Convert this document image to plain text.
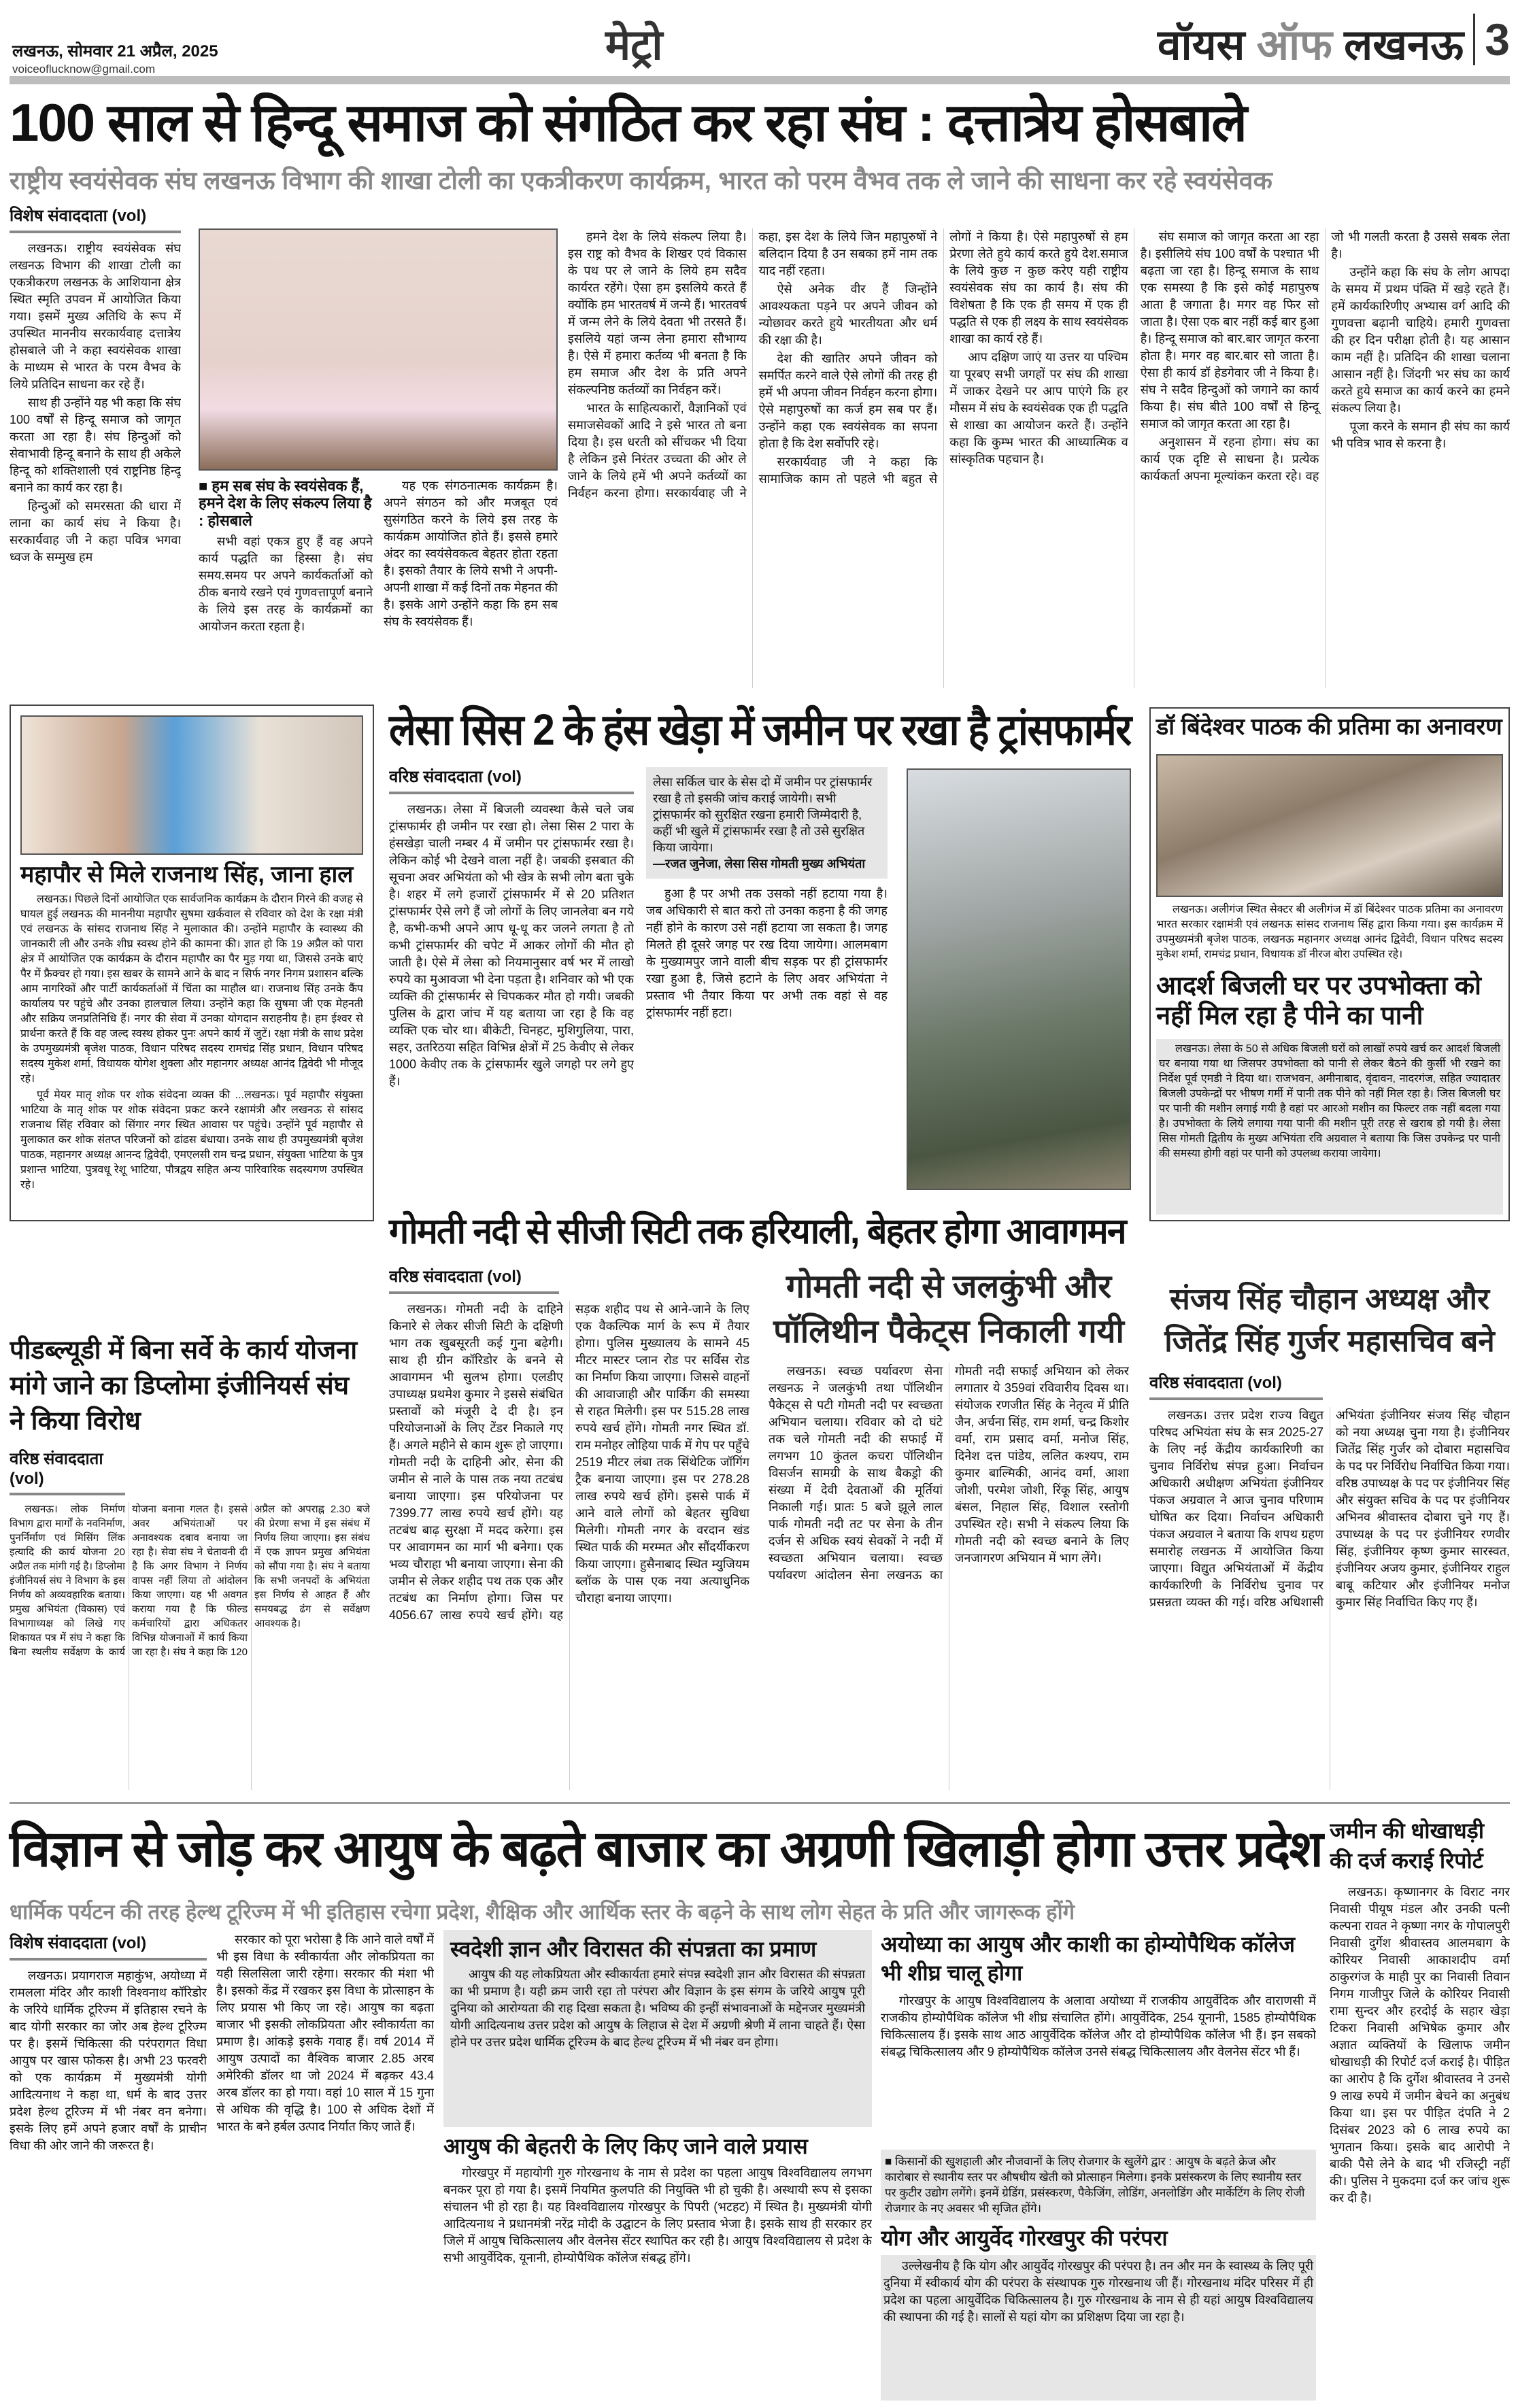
लखनऊ, सोमवार 21 अप्रैल, 2025
voiceoflucknow@gmail.com
मेट्रो	वॉयस ऑफ लखनऊ 3
100 साल से हिन्दू समाज को संगठित कर रहा संघ : दत्तात्रेय होसबाले
राष्ट्रीय स्वयंसेवक संघ लखनऊ विभाग की शाखा टोली का एकत्रीकरण कार्यक्रम, भारत को परम वैभव तक ले जाने की साधना कर रहे स्वयंसेवक
विशेष संवाददाता (vol)

लखनऊ। राष्ट्रीय स्वयंसेवक संघ लखनऊ विभाग की शाखा टोली का एकत्रीकरण लखनऊ के आशियाना क्षेत्र स्थित स्मृति उपवन में आयोजित किया गया। इसमें मुख्य अतिथि के रूप में उपस्थित माननीय सरकार्यवाह दत्तात्रेय होसबाले जी ने कहा स्वयंसेवक शाखा के माध्यम से भारत के परम वैभव के लिये प्रतिदिन साधना कर रहे हैं।

साथ ही उन्होंने यह भी कहा कि संघ 100 वर्षों से हिन्दू समाज को जागृत करता आ रहा है। संघ हिन्दुओं को सेवाभावी हिन्दू बनाने के साथ ही अकेले हिन्दू को शक्तिशाली एवं राष्ट्रनिष्ठ हिन्दू बनाने का कार्य कर रहा है।

हिन्दुओं को समरसता की धारा में लाना का कार्य संघ ने किया है। सरकार्यवाह जी ने कहा पवित्र भगवा ध्वज के सम्मुख हम

■ हम सब संघ के स्वयंसेवक हैं, हमने देश के लिए संकल्प लिया है : होसबाले

सभी वहां एकत्र हुए हैं वह अपने कार्य पद्धति का हिस्सा है। संघ समय.समय पर अपने कार्यकर्ताओं को ठीक बनाये रखने एवं गुणवत्तापूर्ण बनाने के लिये इस तरह के कार्यक्रमों का आयोजन करता रहता है।

यह एक संगठनात्मक कार्यक्रम है। अपने संगठन को और मजबूत एवं सुसंगठित करने के लिये इस तरह के कार्यक्रम आयोजित होते हैं। इससे हमारे अंदर का स्वयंसेवकत्व बेहतर होता रहता है। इसको तैयार के लिये सभी ने अपनी-अपनी शाखा में कई दिनों तक मेहनत की है। इसके आगे उन्होंने कहा कि हम सब संघ के स्वयंसेवक हैं।

हमने देश के लिये संकल्प लिया है। इस राष्ट्र को वैभव के शिखर एवं विकास के पथ पर ले जाने के लिये हम सदैव कार्यरत रहेंगे। ऐसा हम इसलिये करते हैं क्योंकि हम भारतवर्ष में जन्मे हैं। भारतवर्ष में जन्म लेने के लिये देवता भी तरसते हैं। इसलिये यहां जन्म लेना हमारा सौभाग्य है। ऐसे में हमारा कर्तव्य भी बनता है कि हम समाज और देश के प्रति अपने संकल्पनिष्ठ कर्तव्यों का निर्वहन करें।

भारत के साहित्यकारों, वैज्ञानिकों एवं समाजसेवकों आदि ने इसे भारत तो बना दिया है। इस धरती को सींचकर भी दिया है लेकिन इसे निरंतर उच्चता की ओर ले जाने के लिये हमें भी अपने कर्तव्यों का निर्वहन करना होगा। सरकार्यवाह जी ने कहा, इस देश के लिये जिन महापुरुषों ने बलिदान दिया है उन सबका हमें नाम तक याद नहीं रहता।

ऐसे अनेक वीर हैं जिन्होंने आवश्यकता पड़ने पर अपने जीवन को न्योछावर करते हुये भारतीयता और धर्म की रक्षा की है।

देश की खातिर अपने जीवन को समर्पित करने वाले ऐसे लोगों की तरह ही हमें भी अपना जीवन निर्वहन करना होगा। ऐसे महापुरुषों का कर्ज हम सब पर हैं। उन्होंने कहा एक स्वयंसेवक का सपना होता है कि देश सर्वोपरि रहे।

सरकार्यवाह जी ने कहा कि सामाजिक काम तो पहले भी बहुत से लोगों ने किया है। ऐसे महापुरुषों से हम प्रेरणा लेते हुये कार्य करते हुये देश.समाज के लिये कुछ न कुछ करेए यही राष्ट्रीय स्वयंसेवक संघ का कार्य है। संघ की विशेषता है कि एक ही समय में एक ही पद्धति से एक ही लक्ष्य के साथ स्वयंसेवक शाखा का कार्य रहे हैं।

आप दक्षिण जाएं या उत्तर या पश्चिम या पूरबए सभी जगहों पर संघ की शाखा में जाकर देखने पर आप पाएंगे कि हर मौसम में संघ के स्वयंसेवक एक ही पद्धति से शाखा का आयोजन करते हैं। उन्होंने कहा कि कुम्भ भारत की आध्यात्मिक व सांस्कृतिक पहचान है।

संघ समाज को जागृत करता आ रहा है। इसीलिये संघ 100 वर्षों के पश्चात भी बढ़ता जा रहा है। हिन्दू समाज के साथ एक समस्या है कि इसे कोई महापुरुष आता है जगाता है। मगर वह फिर सो जाता है। ऐसा एक बार नहीं कई बार हुआ है। हिन्दू समाज को बार.बार जागृत करना होता है। मगर वह बार.बार सो जाता है। ऐसा ही कार्य डॉ हेडगेवार जी ने किया है। संघ ने सदैव हिन्दुओं को जगाने का कार्य किया है। संघ बीते 100 वर्षों से हिन्दू समाज को जागृत करता आ रहा है।

अनुशासन में रहना होगा। संघ का कार्य एक दृष्टि से साधना है। प्रत्येक कार्यकर्ता अपना मूल्यांकन करता रहे। वह जो भी गलती करता है उससे सबक लेता है।

उन्होंने कहा कि संघ के लोग आपदा के समय में प्रथम पंक्ति में खड़े रहते हैं। हमें कार्यकारिणीए अभ्यास वर्ग आदि की गुणवत्ता बढ़ानी चाहिये। हमारी गुणवत्ता की हर दिन परीक्षा होती है। यह आसान काम नहीं है। प्रतिदिन की शाखा चलाना आसान नहीं है। जिंदगी भर संघ का कार्य करते हुये समाज का कार्य करने का हमने संकल्प लिया है।

पूजा करने के समान ही संघ का कार्य भी पवित्र भाव से करना है।

महापौर से मिले राजनाथ सिंह, जाना हाल

लखनऊ। पिछले दिनों आयोजित एक सार्वजनिक कार्यक्रम के दौरान गिरने की वजह से घायल हुई लखनऊ की माननीया महापौर सुषमा खर्कवाल से रविवार को देश के रक्षा मंत्री एवं लखनऊ के सांसद राजनाथ सिंह ने मुलाकात की। उन्होंने महापौर के स्वास्थ्य की जानकारी ली और उनके शीघ्र स्वस्थ होने की कामना की। ज्ञात हो कि 19 अप्रैल को पारा क्षेत्र में आयोजित एक कार्यक्रम के दौरान महापौर का पैर मुड़ गया था, जिससे उनके बाएं पैर में फ्रैक्चर हो गया। इस खबर के सामने आने के बाद न सिर्फ नगर निगम प्रशासन बल्कि आम नागरिकों और पार्टी कार्यकर्ताओं में चिंता का माहौल था। राजनाथ सिंह उनके कैंप कार्यालय पर पहुंचे और उनका हालचाल लिया। उन्होंने कहा कि सुषमा जी एक मेहनती और सक्रिय जनप्रतिनिधि हैं। नगर की सेवा में उनका योगदान सराहनीय है। हम ईश्वर से प्रार्थना करते हैं कि वह जल्द स्वस्थ होकर पुनः अपने कार्य में जुटें। रक्षा मंत्री के साथ प्रदेश के उपमुख्यमंत्री बृजेश पाठक, विधान परिषद सदस्य रामचंद्र सिंह प्रधान, विधान परिषद सदस्य मुकेश शर्मा, विधायक योगेश शुक्ला और महानगर अध्यक्ष आनंद द्विवेदी भी मौजूद रहे।

पूर्व मेयर मातृ शोक पर शोक संवेदना व्यक्त की ...लखनऊ। पूर्व महापौर संयुक्ता भाटिया के मातृ शोक पर शोक संवेदना प्रकट करने रक्षामंत्री और लखनऊ से सांसद राजनाथ सिंह रविवार को सिंगार नगर स्थित आवास पर पहुंचे। उन्होंने पूर्व महापौर से मुलाकात कर शोक संतप्त परिजनों को ढांढस बंधाया। उनके साथ ही उपमुख्यमंत्री बृजेश पाठक, महानगर अध्यक्ष आनन्द द्विवेदी, एमएलसी राम चन्द्र प्रधान, संयुक्ता भाटिया के पुत्र प्रशान्त भाटिया, पुत्रवधू रेशू भाटिया, पौत्रद्वय सहित अन्य पारिवारिक सदस्यगण उपस्थित रहे।

लेसा सिस 2 के हंस खेड़ा में जमीन पर रखा है ट्रांसफार्मर
वरिष्ठ संवाददाता (vol)

लखनऊ। लेसा में बिजली व्यवस्था कैसे चले जब ट्रांसफार्मर ही जमीन पर रखा हो। लेसा सिस 2 पारा के हंसखेड़ा चाली नम्बर 4 में जमीन पर ट्रांसफार्मर रखा है। लेकिन कोई भी देखने वाला नहीं है। जबकी इसबात की सूचना अवर अभियंता को भी खेत्र के सभी लोग बता चुके है। शहर में लगे हजारों ट्रांसफार्मर में से 20 प्रतिशत ट्रांसफार्मर ऐसे लगे हैं जो लोगों के लिए जानलेवा बन गये है, कभी-कभी अपने आप धू-धू कर जलने लगता है तो कभी ट्रांसफार्मर की चपेट में आकर लोगों की मौत हो जाती है। ऐसे में लेसा को नियमानुसार वर्ष भर में लाखो रुपये का मुआवजा भी देना पड़ता है। शनिवार को भी एक व्यक्ति की ट्रांसफार्मर से चिपककर मौत हो गयी। जबकी पुलिस के द्वारा जांच में यह बताया जा रहा है कि वह व्यक्ति एक चोर था। बीकेटी, चिनहट, मुशिगुलिया, पारा, सहर, उतरिठया सहित विभिन्न क्षेत्रों में 25 केवीए से लेकर 1000 केवीए तक के ट्रांसफार्मर खुले जगहो पर लगे हुए हैं।

लेसा सर्किल चार के सेस दो में जमीन पर ट्रांसफार्मर रखा है तो इसकी जांच कराई जायेगी। सभी ट्रांसफार्मर को सुरक्षित रखना हमारी जिम्मेदारी है, कहीं भी खुले में ट्रांसफार्मर रखा है तो उसे सुरक्षित किया जायेगा।
—रजत जुनेजा, लेसा सिस गोमती मुख्य अभियंता

हुआ है पर अभी तक उसको नहीं हटाया गया है। जब अधिकारी से बात करो तो उनका कहना है की जगह नहीं होने के कारण उसे नहीं हटाया जा सकता है। जगह मिलते ही दूसरे जगह पर रख दिया जायेगा। आलमबाग के मुख्यामपुर जाने वाली बीच सड़क पर ही ट्रांसफार्मर रखा हुआ है, जिसे हटाने के लिए अवर अभियंता ने प्रस्ताव भी तैयार किया पर अभी तक वहां से वह ट्रांसफार्मर नहीं हटा।

डॉ बिंदेश्वर पाठक की प्रतिमा का अनावरण

लखनऊ। अलीगंज स्थित सेक्टर बी अलीगंज में डॉ बिंदेश्वर पाठक प्रतिमा का अनावरण भारत सरकार रक्षामंत्री एवं लखनऊ सांसद राजनाथ सिंह द्वारा किया गया। इस कार्यक्रम में उपमुख्यमंत्री बृजेश पाठक, लखनऊ महानगर अध्यक्ष आनंद द्विवेदी, विधान परिषद सदस्य मुकेश शर्मा, रामचंद्र प्रधान, विधायक डॉ नीरज बोरा उपस्थित रहे।

आदर्श बिजली घर पर उपभोक्ता को नहीं मिल रहा है पीने का पानी

लखनऊ। लेसा के 50 से अधिक बिजली घरों को लाखों रुपये खर्च कर आदर्श बिजली घर बनाया गया था जिसपर उपभोक्ता को पानी से लेकर बैठने की कुर्सी भी रखने का निर्देश पूर्व एमडी ने दिया था। राजभवन, अमीनाबाद, वृंदावन, नादरगंज, सहित ज्यादातर बिजली उपकेन्द्रों पर भीषण गर्मी में पानी तक पीने को नहीं मिल रहा है। जिस बिजली घर पर पानी की मशीन लगाई गयी है वहां पर आरओ मशीन का फिल्टर तक नहीं बदला गया है। उपभोक्ता के लिये लगाया गया पानी की मशीन पूरी तरह से खराब हो गयी है। लेसा सिस गोमती द्वितीय के मुख्य अभियंता रवि अग्रवाल ने बताया कि जिस उपकेन्द्र पर पानी की समस्या होगी वहां पर पानी को उपलब्ध कराया जायेगा।

पीडब्ल्यूडी में बिना सर्वे के कार्य योजना मांगे जाने का डिप्लोमा इंजीनियर्स संघ ने किया विरोध
वरिष्ठ संवाददाता (vol)

लखनऊ। लोक निर्माण विभाग द्वारा मार्गों के नवनिर्माण, पुनर्निर्माण एवं मिसिंग लिंक इत्यादि की कार्य योजना 20 अप्रैल तक मांगी गई है। डिप्लोमा इंजीनियर्स संघ ने विभाग के इस निर्णय को अव्यवहारिक बताया। प्रमुख अभियंता (विकास) एवं विभागाध्यक्ष को लिखे गए शिकायत पत्र में संघ ने कहा कि बिना स्थलीय सर्वेक्षण के कार्य योजना बनाना गलत है। इससे अवर अभियंताओं पर अनावश्यक दबाव बनाया जा रहा है। सेवा संघ ने चेतावनी दी है कि अगर विभाग ने निर्णय वापस नहीं लिया तो आंदोलन किया जाएगा। यह भी अवगत कराया गया है कि फील्ड कर्मचारियों द्वारा अधिकतर विभिन्न योजनाओं में कार्य किया जा रहा है। संघ ने कहा कि 120 अप्रैल को अपराह्न 2.30 बजे की प्रेरणा सभा में इस संबंध में निर्णय लिया जाएगा। इस संबंध में एक ज्ञापन प्रमुख अभियंता को सौंपा गया है। संघ ने बताया कि सभी जनपदों के अभियंता इस निर्णय से आहत हैं और समयबद्ध ढंग से सर्वेक्षण आवश्यक है।

गोमती नदी से सीजी सिटी तक हरियाली, बेहतर होगा आवागमन
वरिष्ठ संवाददाता (vol)

लखनऊ। गोमती नदी के दाहिने किनारे से लेकर सीजी सिटी के दक्षिणी भाग तक खुबसूरती कई गुना बढ़ेगी। साथ ही ग्रीन कॉरिडोर के बनने से आवागमन भी सुलभ होगा। एलडीए उपाध्यक्ष प्रथमेश कुमार ने इससे संबंधित प्रस्तावों को मंजूरी दे दी है। इन परियोजनाओं के लिए टेंडर निकाले गए हैं। अगले महीने से काम शुरू हो जाएगा। गोमती नदी के दाहिनी ओर, सेना की जमीन से नाले के पास तक नया तटबंध बनाया जाएगा। इस परियोजना पर 7399.77 लाख रुपये खर्च होंगे। यह तटबंध बाढ़ सुरक्षा में मदद करेगा। इस पर आवागमन का मार्ग भी बनेगा। एक भव्य चौराहा भी बनाया जाएगा। सेना की जमीन से लेकर शहीद पथ तक एक और तटबंध का निर्माण होगा। जिस पर 4056.67 लाख रुपये खर्च होंगे। यह सड़क शहीद पथ से आने-जाने के लिए एक वैकल्पिक मार्ग के रूप में तैयार होगा। पुलिस मुख्यालय के सामने 45 मीटर मास्टर प्लान रोड पर सर्विस रोड का निर्माण किया जाएगा। जिससे वाहनों की आवाजाही और पार्किंग की समस्या से राहत मिलेगी। इस पर 515.28 लाख रुपये खर्च होंगे। गोमती नगर स्थित डॉ. राम मनोहर लोहिया पार्क में गेप पर पहुँचे 2519 मीटर लंबा तक सिंथेटिक जॉगिंग ट्रैक बनाया जाएगा। इस पर 278.28 लाख रुपये खर्च होंगे। इससे पार्क में आने वाले लोगों को बेहतर सुविधा मिलेगी। गोमती नगर के वरदान खंड स्थित पार्क की मरम्मत और सौंदर्यीकरण किया जाएगा। हुसैनाबाद स्थित म्युजियम ब्लॉक के पास एक नया अत्याधुनिक चौराहा बनाया जाएगा।

गोमती नदी से जलकुंभी और पॉलिथीन पैकेट्स निकाली गयी

लखनऊ। स्वच्छ पर्यावरण सेना लखनऊ ने जलकुंभी तथा पॉलिथीन पैकेट्स से पटी गोमती नदी पर स्वच्छता अभियान चलाया। रविवार को दो घंटे तक चले गोमती नदी की सफाई में लगभग 10 कुंतल कचरा पॉलिथीन विसर्जन सामग्री के साथ बैकड्रो की संख्या में देवी देवताओं की मूर्तियां निकाली गई। प्रातः 5 बजे झूले लाल पार्क गोमती नदी तट पर सेना के तीन दर्जन से अधिक स्वयं सेवकों ने नदी में स्वच्छता अभियान चलाया। स्वच्छ पर्यावरण आंदोलन सेना लखनऊ का गोमती नदी सफाई अभियान को लेकर लगातार ये 359वां रविवारीय दिवस था। संयोजक रणजीत सिंह के नेतृत्व में प्रीति जैन, अर्चना सिंह, राम शर्मा, चन्द्र किशोर वर्मा, राम प्रसाद वर्मा, मनोज सिंह, दिनेश दत्त पांडेय, ललित कश्यप, राम कुमार बाल्मिकी, आनंद वर्मा, आशा जोशी, परमेश जोशी, रिंकू सिंह, आयुष बंसल, निहाल सिंह, विशाल रस्तोगी उपस्थित रहे। सभी ने संकल्प लिया कि गोमती नदी को स्वच्छ बनाने के लिए जनजागरण अभियान में भाग लेंगे।

संजय सिंह चौहान अध्यक्ष और जितेंद्र सिंह गुर्जर महासचिव बने
वरिष्ठ संवाददाता (vol)

लखनऊ। उत्तर प्रदेश राज्य विद्युत परिषद अभियंता संघ के सत्र 2025-27 के लिए नई केंद्रीय कार्यकारिणी का चुनाव निर्विरोध संपन्न हुआ। निर्वाचन अधिकारी अधीक्षण अभियंता इंजीनियर पंकज अग्रवाल ने आज चुनाव परिणाम घोषित कर दिया। निर्वाचन अधिकारी पंकज अग्रवाल ने बताया कि शपथ ग्रहण समारोह लखनऊ में आयोजित किया जाएगा। विद्युत अभियंताओं में केंद्रीय कार्यकारिणी के निर्विरोध चुनाव पर प्रसन्नता व्यक्त की गई। वरिष्ठ अधिशासी अभियंता इंजीनियर संजय सिंह चौहान को नया अध्यक्ष चुना गया है। इंजीनियर जितेंद्र सिंह गुर्जर को दोबारा महासचिव के पद पर निर्विरोध निर्वाचित किया गया। वरिष्ठ उपाध्यक्ष के पद पर इंजीनियर सिंह और संयुक्त सचिव के पद पर इंजीनियर अभिनव श्रीवास्तव दोबारा चुने गए हैं। उपाध्यक्ष के पद पर इंजीनियर रणवीर सिंह, इंजीनियर कृष्ण कुमार सारस्वत, इंजीनियर अजय कुमार, इंजीनियर राहुल बाबू कटियार और इंजीनियर मनोज कुमार सिंह निर्वाचित किए गए हैं।

विज्ञान से जोड़ कर आयुष के बढ़ते बाजार का अग्रणी खिलाड़ी होगा उत्तर प्रदेश
धार्मिक पर्यटन की तरह हेल्थ टूरिज्म में भी इतिहास रचेगा प्रदेश, शैक्षिक और आर्थिक स्तर के बढ़ने के साथ लोग सेहत के प्रति और जागरूक होंगे
विशेष संवाददाता (vol)

लखनऊ। प्रयागराज महाकुंभ, अयोध्या में रामलला मंदिर और काशी विश्वनाथ कॉरिडोर के जरिये धार्मिक टूरिज्म में इतिहास रचने के बाद योगी सरकार का जोर अब हेल्थ टूरिज्म पर है। इसमें चिकित्सा की परंपरागत विधा आयुष पर खास फोकस है। अभी 23 फरवरी को एक कार्यक्रम में मुख्यमंत्री योगी आदित्यनाथ ने कहा था, धर्म के बाद उत्तर प्रदेश हेल्थ टूरिज्म में भी नंबर वन बनेगा। इसके लिए हमें अपने हजार वर्षों के प्राचीन विधा की ओर जाने की जरूरत है।

सरकार को पूरा भरोसा है कि आने वाले वर्षों में भी इस विधा के स्वीकार्यता और लोकप्रियता का यही सिलसिला जारी रहेगा। सरकार की मंशा भी है। इसको केंद्र में रखकर इस विधा के प्रोत्साहन के लिए प्रयास भी किए जा रहे। आयुष का बढ़ता बाजार भी इसकी लोकप्रियता और स्वीकार्यता का प्रमाण है। आंकड़े इसके गवाह हैं। वर्ष 2014 में आयुष उत्पादों का वैश्विक बाजार 2.85 अरब अमेरिकी डॉलर था जो 2024 में बढ़कर 43.4 अरब डॉलर का हो गया। वहां 10 साल में 15 गुना से अधिक की वृद्धि है। 100 से अधिक देशों में भारत के बने हर्बल उत्पाद निर्यात किए जाते हैं।

स्वदेशी ज्ञान और विरासत की संपन्नता का प्रमाण

आयुष की यह लोकप्रियता और स्वीकार्यता हमारे संपन्न स्वदेशी ज्ञान और विरासत की संपन्नता का भी प्रमाण है। यही क्रम जारी रहा तो परंपरा और विज्ञान के इस संगम के जरिये आयुष पूरी दुनिया को आरोग्यता की राह दिखा सकता है। भविष्य की इन्हीं संभावनाओं के मद्देनजर मुख्यमंत्री योगी आदित्यनाथ उत्तर प्रदेश को आयुष के लिहाज से देश में अग्रणी श्रेणी में लाना चाहते हैं। ऐसा होने पर उत्तर प्रदेश धार्मिक टूरिज्म के बाद हेल्थ टूरिज्म में भी नंबर वन होगा।

आयुष की बेहतरी के लिए किए जाने वाले प्रयास

गोरखपुर में महायोगी गुरु गोरखनाथ के नाम से प्रदेश का पहला आयुष विश्वविद्यालय लगभग बनकर पूरा हो गया है। इसमें नियमित कुलपति की नियुक्ति भी हो चुकी है। अस्थायी रूप से इसका संचालन भी हो रहा है। यह विश्वविद्यालय गोरखपुर के पिपरी (भटहट) में स्थित है। मुख्यमंत्री योगी आदित्यनाथ ने प्रधानमंत्री नरेंद्र मोदी के उद्घाटन के लिए प्रस्ताव भेजा है। इसके साथ ही सरकार हर जिले में आयुष चिकित्सालय और वेलनेस सेंटर स्थापित कर रही है। आयुष विश्वविद्यालय से प्रदेश के सभी आयुर्वेदिक, यूनानी, होम्योपैथिक कॉलेज संबद्ध होंगे।

अयोध्या का आयुष और काशी का होम्योपैथिक कॉलेज भी शीघ्र चालू होगा

गोरखपुर के आयुष विश्वविद्यालय के अलावा अयोध्या में राजकीय आयुर्वेदिक और वाराणसी में राजकीय होम्योपैथिक कॉलेज भी शीघ्र संचालित होंगे। आयुर्वेदिक, 254 यूनानी, 1585 होम्योपैथिक चिकित्सालय हैं। इसके साथ आठ आयुर्वेदिक कॉलेज और दो होम्योपैथिक कॉलेज भी हैं। इन सबको संबद्ध चिकित्सालय और 9 होम्योपैथिक कॉलेज उनसे संबद्ध चिकित्सालय और वेलनेस सेंटर भी हैं।

■ किसानों की खुशहाली और नौजवानों के लिए रोजगार के खुलेंगे द्वार : आयुष के बढ़ते क्रेज और कारोबार से स्थानीय स्तर पर औषधीय खेती को प्रोत्साहन मिलेगा। इनके प्रसंस्करण के लिए स्थानीय स्तर पर कुटीर उद्योग लगेंगे। इनमें ग्रेडिंग, प्रसंस्करण, पैकेजिंग, लोडिंग, अनलोडिंग और मार्केटिंग के लिए रोजी रोजगार के नए अवसर भी सृजित होंगे।
योग और आयुर्वेद गोरखपुर की परंपरा

उल्लेखनीय है कि योग और आयुर्वेद गोरखपुर की परंपरा है। तन और मन के स्वास्थ्य के लिए पूरी दुनिया में स्वीकार्य योग की परंपरा के संस्थापक गुरु गोरखनाथ जी हैं। गोरखनाथ मंदिर परिसर में ही प्रदेश का पहला आयुर्वेदिक चिकित्सालय है। गुरु गोरखनाथ के नाम से ही यहां आयुष विश्वविद्यालय की स्थापना की गई है। सालों से यहां योग का प्रशिक्षण दिया जा रहा है।

जमीन की धोखाधड़ी की दर्ज कराई रिपोर्ट

लखनऊ। कृष्णानगर के विराट नगर निवासी पीयूष मंडल और उनकी पत्नी कल्पना रावत ने कृष्णा नगर के गोपालपुरी निवासी दुर्गेश श्रीवास्तव आलमबाग के कोरियर निवासी आकाशदीप वर्मा ठाकुरगंज के माही पुर का निवासी तिवान निगम गाजीपुर जिले के कोरियर निवासी रामा सुन्दर और हरदोई के सहार खेड़ा टिकरा निवासी अभिषेक कुमार और अज्ञात व्यक्तियों के खिलाफ जमीन धोखाधड़ी की रिपोर्ट दर्ज कराई है। पीड़ित का आरोप है कि दुर्गेश श्रीवास्तव ने उनसे 9 लाख रुपये में जमीन बेचने का अनुबंध किया था। इस पर पीड़ित दंपति ने 2 दिसंबर 2023 को 6 लाख रुपये का भुगतान किया। इसके बाद आरोपी ने बाकी पैसे लेने के बाद भी रजिस्ट्री नहीं की। पुलिस ने मुकदमा दर्ज कर जांच शुरू कर दी है।
